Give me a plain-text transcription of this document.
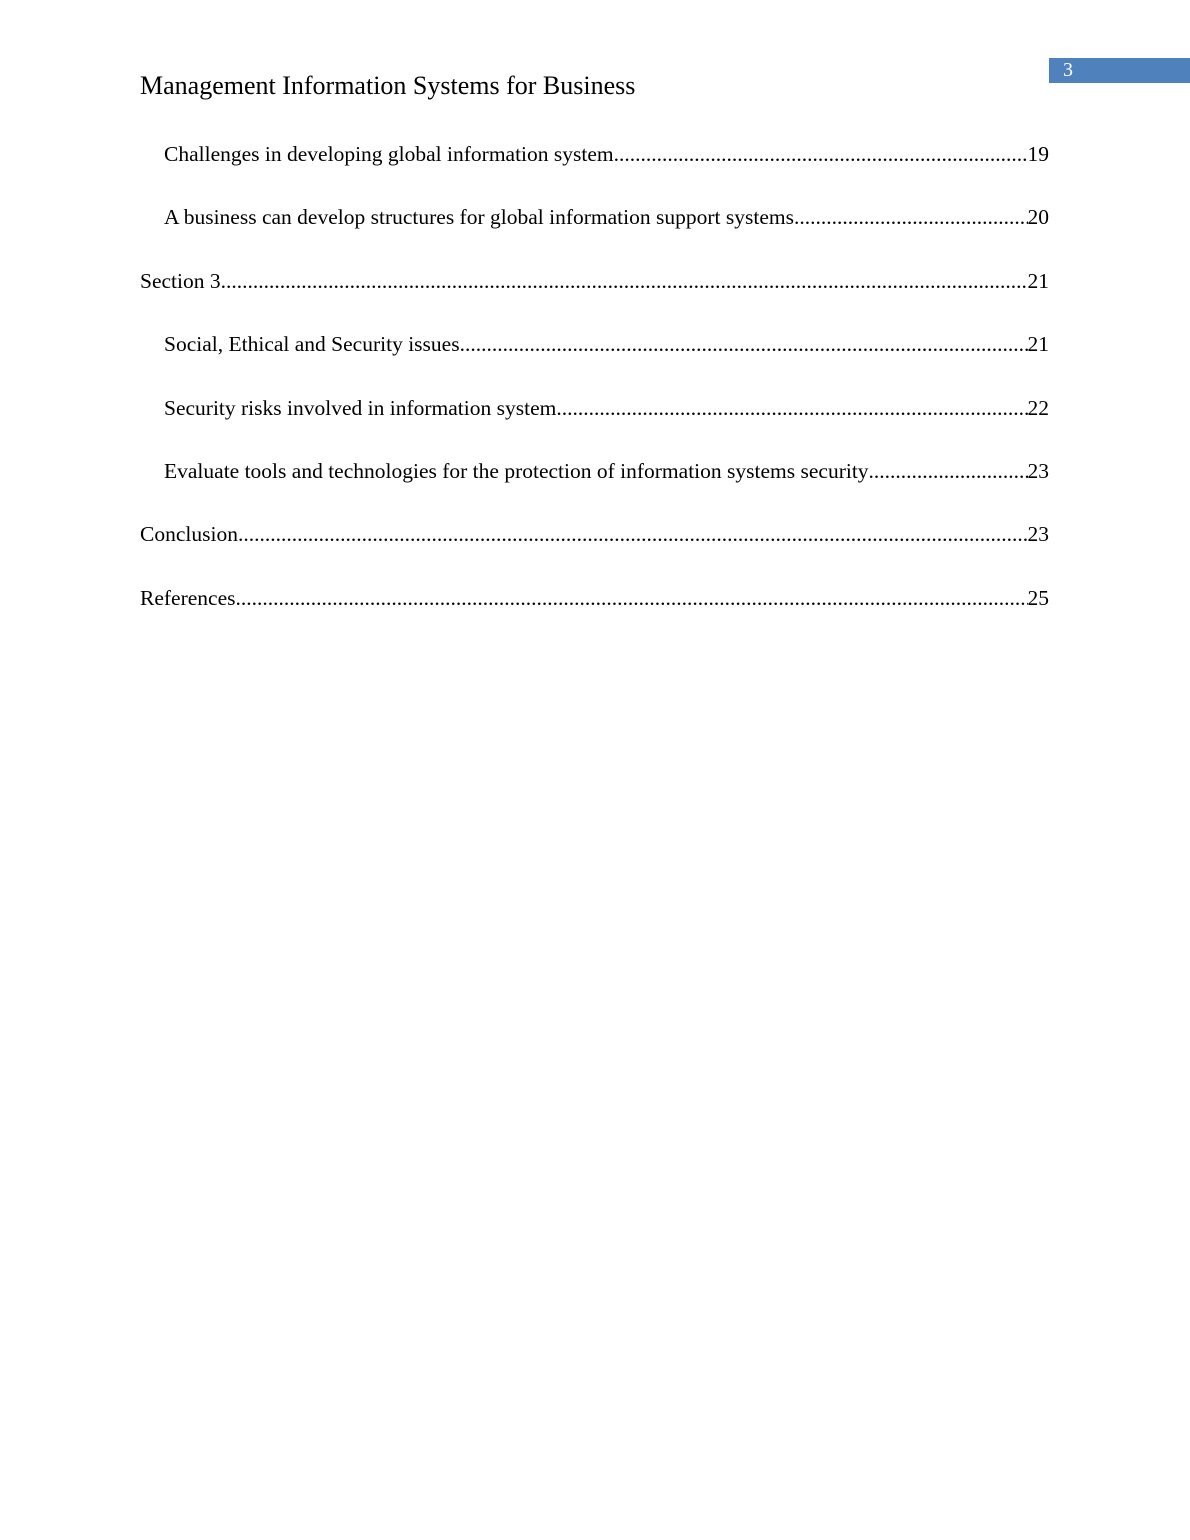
3
Management Information Systems for Business
Challenges in developing global information system .....	19
A business can develop structures for global information support systems .....	20
Section 3 .....	21
Social, Ethical and Security issues .....	21
Security risks involved in information system .....	22
Evaluate tools and technologies for the protection of information systems security .....	23
Conclusion .....	23
References .....	25
